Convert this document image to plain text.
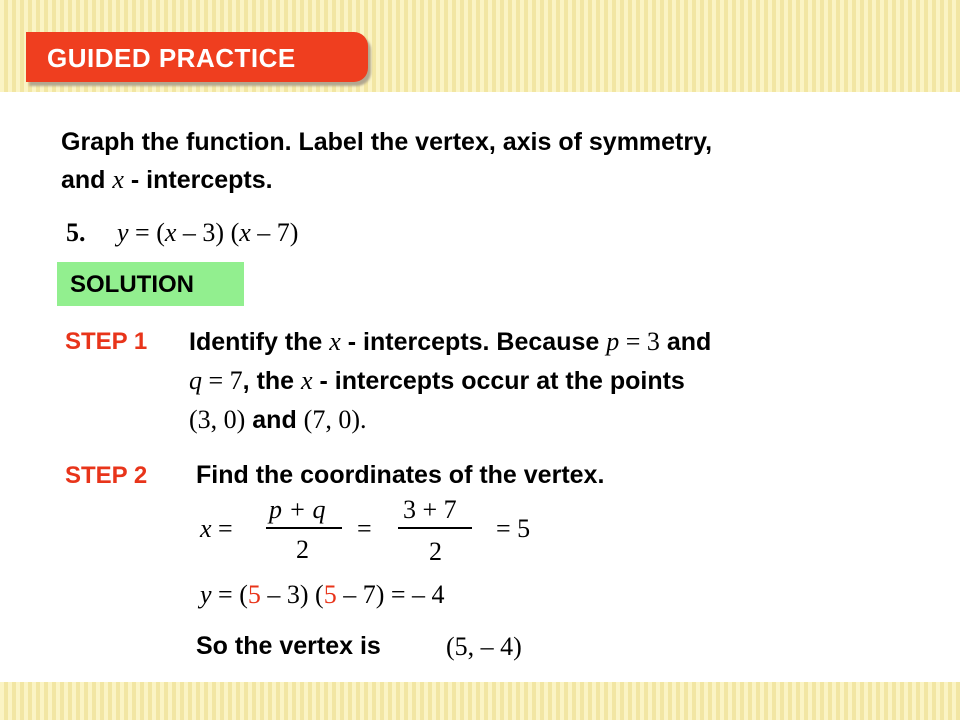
GUIDED PRACTICE
Graph the function. Label the vertex, axis of symmetry,
and x - intercepts.
5. y = (x – 3) (x – 7)
SOLUTION
STEP 1 Identify the x - intercepts. Because p = 3 and
q = 7, the x - intercepts occur at the points
(3, 0) and (7, 0).
STEP 2 Find the coordinates of the vertex.
x =
p + q
2
=
3 + 7
2
= 5
y = (5 – 3) (5 – 7) = – 4
So the vertex is	(5, – 4)
